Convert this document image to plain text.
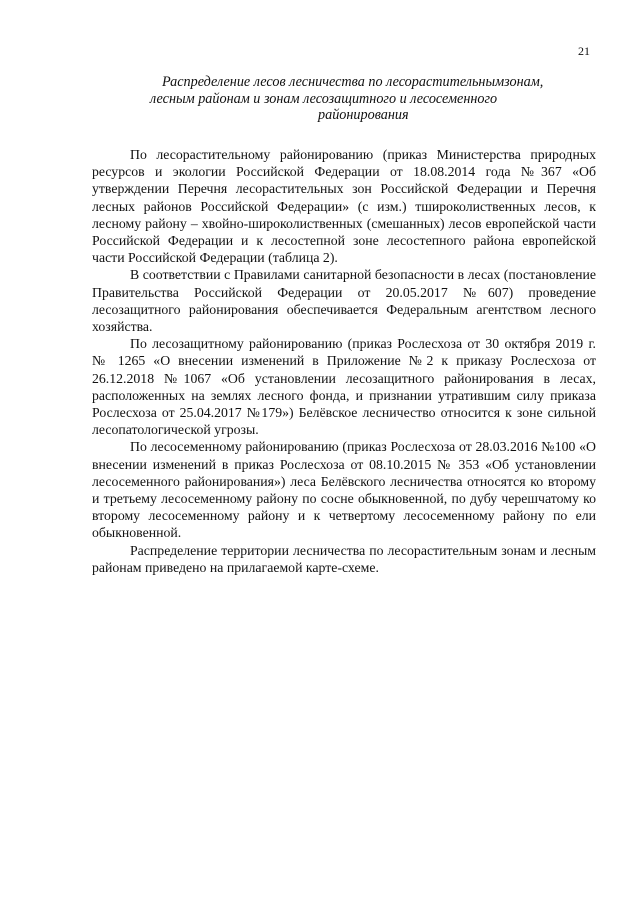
21
Распределение лесов лесничества по лесорастительнымзонам,
лесным районам и зонам лесозащитного и лесосеменного
районирования

По лесорастительному районированию (приказ Министерства природных ресурсов и экологии Российской Федерации от 18.08.2014 года №367 «Об утверждении Перечня лесорастительных зон Российской Федерации и Перечня лесных районов Российской Федерации» (с изм.) тшироколиственных лесов, к лесному району – хвойно-широколиственных (смешанных) лесов европейской части Российской Федерации и к лесостепной зоне лесостепного района европейской части Российской Федерации (таблица 2).

В соответствии с Правилами санитарной безопасности в лесах (постановление Правительства Российской Федерации от 20.05.2017 №607) проведение лесозащитного районирования обеспечивается Федеральным агентством лесного хозяйства.

По лесозащитному районированию (приказ Рослесхоза от 30 октября 2019 г. № 1265 «О внесении изменений в Приложение №2 к приказу Рослесхоза от 26.12.2018 №1067 «Об установлении лесозащитного районирования в лесах, расположенных на землях лесного фонда, и признании утратившим силу приказа Рослесхоза от 25.04.2017 №179») Белёвское лесничество относится к зоне сильной лесопатологической угрозы.

По лесосеменному районированию (приказ Рослесхоза от 28.03.2016 №100 «О внесении изменений в приказ Рослесхоза от 08.10.2015 № 353 «Об установлении лесосеменного районирования») леса Белёвского лесничества относятся ко второму и третьему лесосеменному району по сосне обыкновенной, по дубу черешчатому ко второму лесосеменному району и к четвертому лесосеменному району по ели обыкновенной.

Распределение территории лесничества по лесорастительным зонам и лесным районам приведено на прилагаемой карте-схеме.
